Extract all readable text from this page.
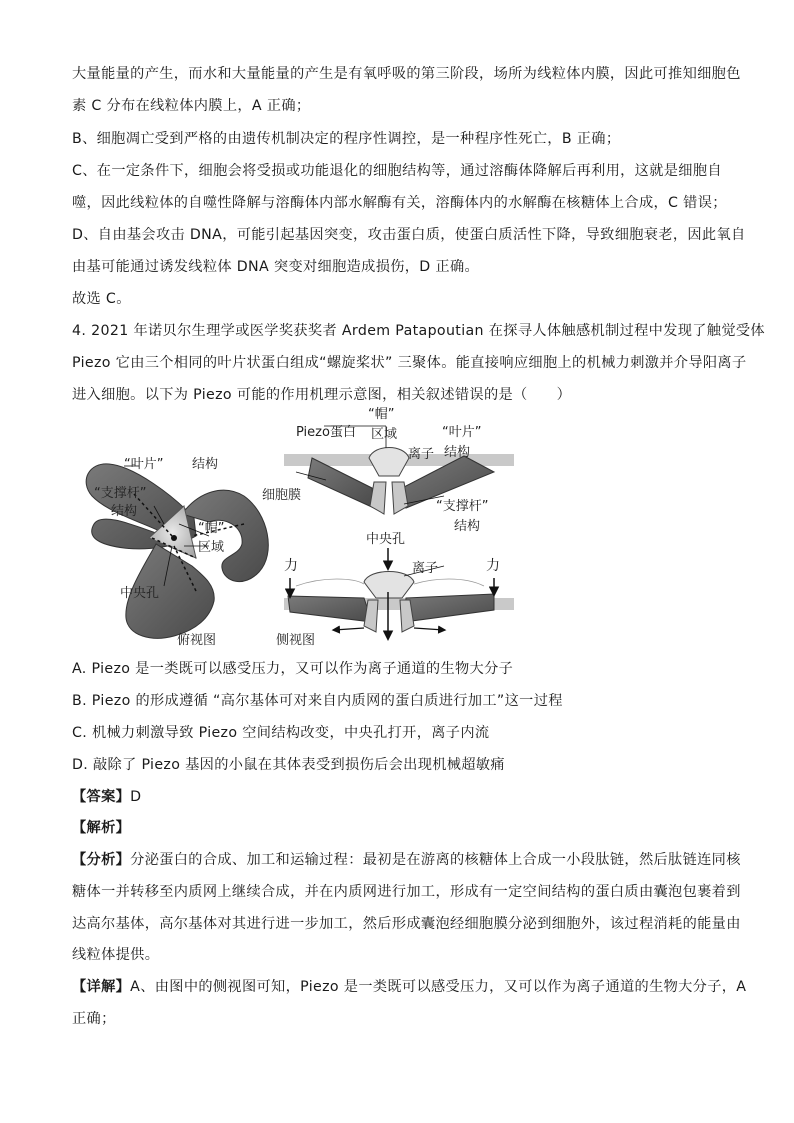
大量能量的产生，而水和大量能量的产生是有氧呼吸的第三阶段，场所为线粒体内膜，因此可推知细胞色
素 C 分布在线粒体内膜上，A 正确；
B、细胞凋亡受到严格的由遗传机制决定的程序性调控，是一种程序性死亡，B 正确；
C、在一定条件下，细胞会将受损或功能退化的细胞结构等，通过溶酶体降解后再利用，这就是细胞自
噬，因此线粒体的自噬性降解与溶酶体内部水解酶有关，溶酶体内的水解酶在核糖体上合成，C 错误；
D、自由基会攻击 DNA，可能引起基因突变，攻击蛋白质，使蛋白质活性下降，导致细胞衰老，因此氧自
由基可能通过诱发线粒体 DNA 突变对细胞造成损伤，D 正确。
故选 C。
4. 2021 年诺贝尔生理学或医学奖获奖者 Ardem Patapoutian 在探寻人体触感机制过程中发现了触觉受体
Piezo 它由三个相同的叶片状蛋白组成“螺旋桨状” 三聚体。能直接响应细胞上的机械力刺激并介导阳离子
进入细胞。以下为 Piezo 可能的作用机理示意图，相关叙述错误的是（　　）
“叶片” 结构
“支撑杆”
结构
“帽”
区域
中央孔
俯视图
Piezo蛋白
“帽”
区域
离子
“叶片”
结构
细胞膜
“支撑杆”
结构
中央孔
力	力
离子
侧视图
A. Piezo 是一类既可以感受压力，又可以作为离子通道的生物大分子
B. Piezo 的形成遵循 “高尔基体可对来自内质网的蛋白质进行加工”这一过程
C. 机械力刺激导致 Piezo 空间结构改变，中央孔打开，离子内流
D. 敲除了 Piezo 基因的小鼠在其体表受到损伤后会出现机械超敏痛
【答案】D
【解析】
【分析】分泌蛋白的合成、加工和运输过程：最初是在游离的核糖体上合成一小段肽链，然后肽链连同核
糖体一并转移至内质网上继续合成，并在内质网进行加工，形成有一定空间结构的蛋白质由囊泡包裹着到
达高尔基体，高尔基体对其进行进一步加工，然后形成囊泡经细胞膜分泌到细胞外，该过程消耗的能量由
线粒体提供。
【详解】A、由图中的侧视图可知，Piezo 是一类既可以感受压力，又可以作为离子通道的生物大分子，A
正确；
